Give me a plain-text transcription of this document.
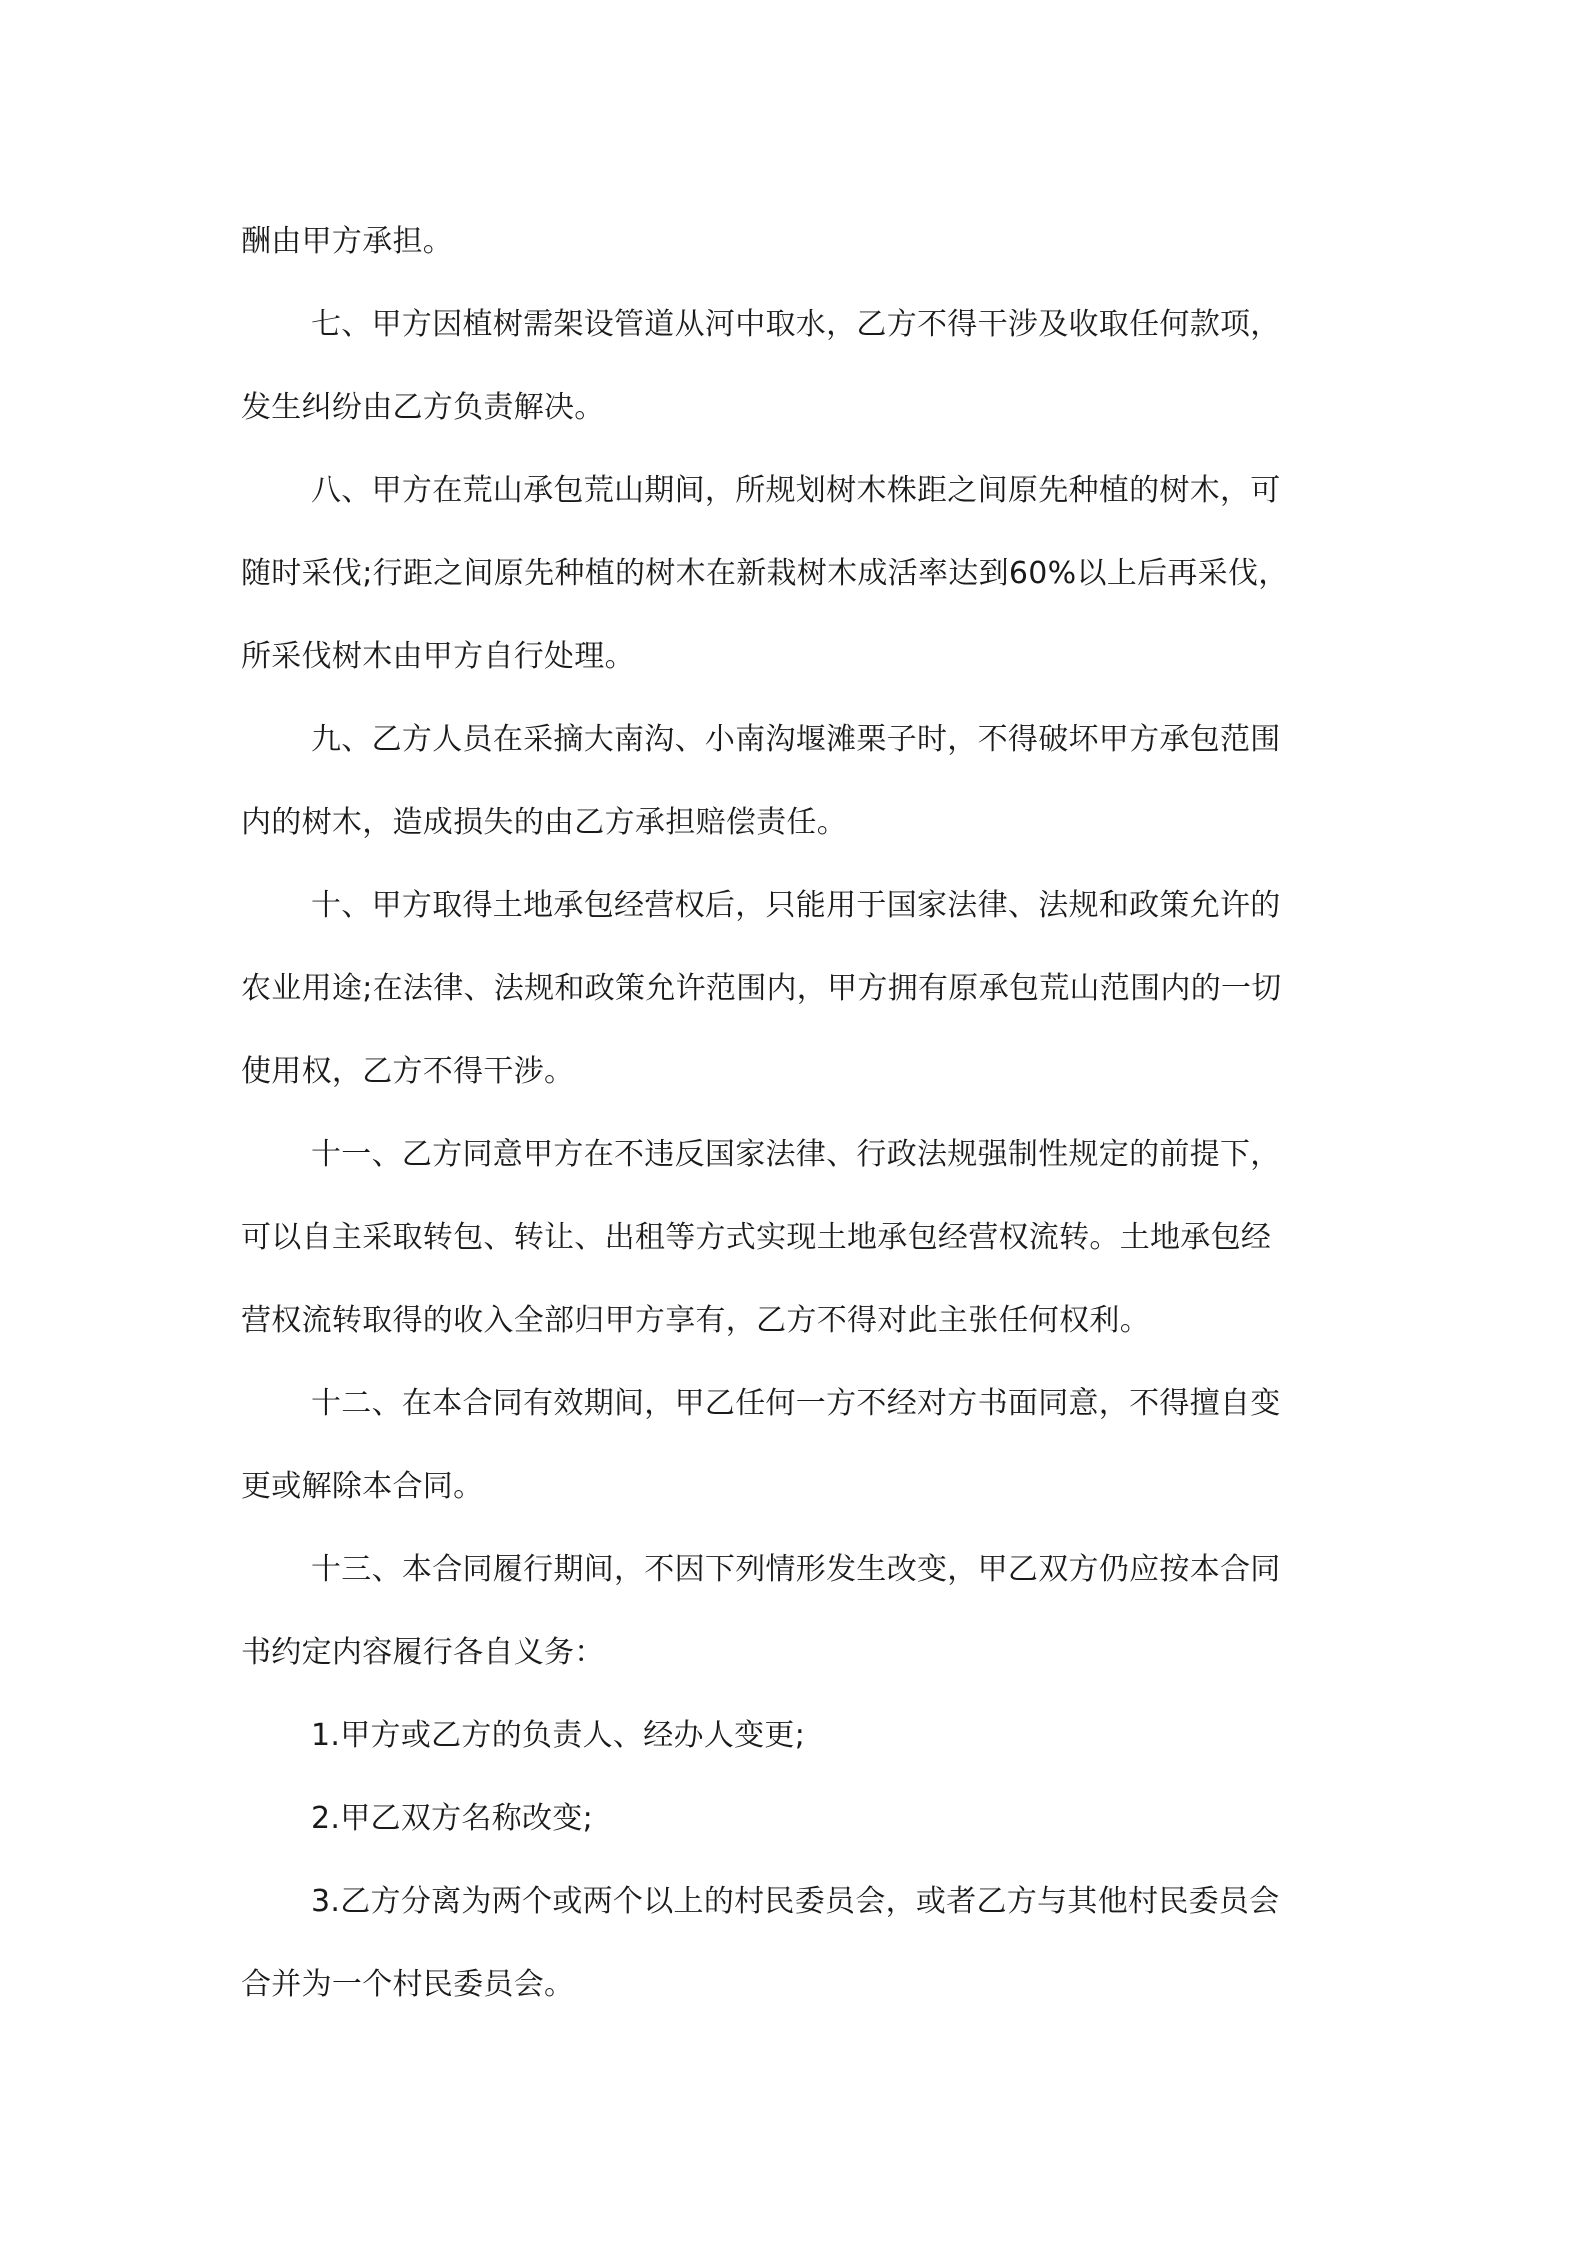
酬由甲方承担。

七、甲方因植树需架设管道从河中取水，乙方不得干涉及收取任何款项，

发生纠纷由乙方负责解决。

八、甲方在荒山承包荒山期间，所规划树木株距之间原先种植的树木，可

随时采伐;行距之间原先种植的树木在新栽树木成活率达到60%以上后再采伐，

所采伐树木由甲方自行处理。

九、乙方人员在采摘大南沟、小南沟堰滩栗子时，不得破坏甲方承包范围

内的树木，造成损失的由乙方承担赔偿责任。

十、甲方取得土地承包经营权后，只能用于国家法律、法规和政策允许的

农业用途;在法律、法规和政策允许范围内，甲方拥有原承包荒山范围内的一切

使用权，乙方不得干涉。

十一、乙方同意甲方在不违反国家法律、行政法规强制性规定的前提下，

可以自主采取转包、转让、出租等方式实现土地承包经营权流转。土地承包经

营权流转取得的收入全部归甲方享有，乙方不得对此主张任何权利。

十二、在本合同有效期间，甲乙任何一方不经对方书面同意，不得擅自变

更或解除本合同。

十三、本合同履行期间，不因下列情形发生改变，甲乙双方仍应按本合同

书约定内容履行各自义务：

1.甲方或乙方的负责人、经办人变更;

2.甲乙双方名称改变;

3.乙方分离为两个或两个以上的村民委员会，或者乙方与其他村民委员会

合并为一个村民委员会。
